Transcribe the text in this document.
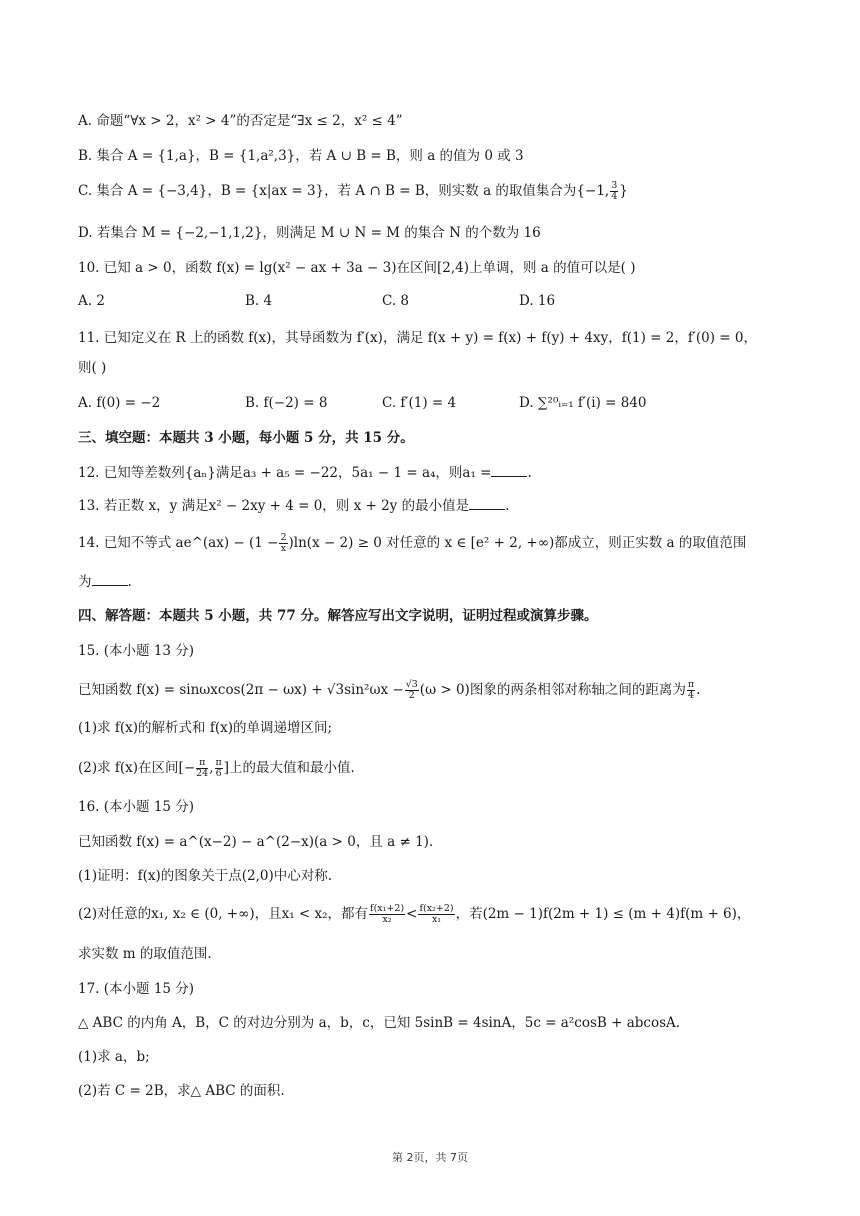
A. 命题“∀x > 2，x² > 4”的否定是“∃x ≤ 2，x² ≤ 4”
B. 集合 A = {1,a}，B = {1,a²,3}，若 A ∪ B = B，则 a 的值为 0 或 3
C. 集合 A = {−3,4}，B = {x|ax = 3}，若 A ∩ B = B，则实数 a 的取值集合为{−1, $\frac{3}{4}$ }
D. 若集合 M = {−2,−1,1,2}，则满足 M ∪ N = M 的集合 N 的个数为 16
10. 已知 a > 0，函数 f(x) = lg(x² − ax + 3a − 3)在区间[2,4)上单调，则 a 的值可以是( )
A. 2	B. 4	C. 8	D. 16
11. 已知定义在 R 上的函数 f(x)，其导函数为 f′(x)，满足 f(x + y) = f(x) + f(y) + 4xy，f(1) = 2，f′(0) = 0，
则( )
A. f(0) = −2	B. f(−2) = 8	C. f′(1) = 4	D. ∑²⁰ᵢ₌₁ f′(i) = 840
三、填空题：本题共 3 小题，每小题 5 分，共 15 分。
12. 已知等差数列{aₙ}满足a₃ + a₅ = −22，5a₁ − 1 = a₄，则a₁ =	.
13. 若正数 x，y 满足x² − 2xy + 4 = 0，则 x + 2y 的最小值是	.
14. 已知不等式 ae^(ax) − $(1 - \frac{2}{x} )\ln(x - 2) \ge 0$ 对任意的 x ∈ [e² + 2, +∞)都成立，则正实数 a 的取值范围
为	.
四、解答题：本题共 5 小题，共 77 分。解答应写出文字说明，证明过程或演算步骤。
15. (本小题 13 分)
已知函数 $f(x) = \sin\omega xcos(2\pi - \omega x) + √3\sin^2\omega x - \frac{√3}{2} (\omega > 0)$图象的两条相邻对称轴之间的距离为 $\frac{\pi}{4}$ .
(1)求 f(x)的解析式和 f(x)的单调递增区间;
(2)求 f(x)在区间[− $\frac{\pi}{24}$ , $\frac{\pi}{6}$ ]上的最大值和最小值.
16. (本小题 15 分)
已知函数 f(x) = a^(x−2) − a^(2−x)(a > 0，且 a ≠ 1).
(1)证明：f(x)的图象关于点(2,0)中心对称.
(2)对任意的x₁, x₂ ∈ (0, +∞)，且x₁ < x₂，都有 $\frac{\text{f(x₁+2)}}{\text{x₂}} < \frac{\text{f(x₂+2)}}{\text{x₁}}$ ，若(2m − 1)f(2m + 1) ≤ (m + 4)f(m + 6)，
求实数 m 的取值范围.
17. (本小题 15 分)
△ ABC 的内角 A，B，C 的对边分别为 a，b，c，已知 5sinB = 4sinA，5c = a²cosB + abcosA.
(1)求 a，b;
(2)若 C = 2B，求△ ABC 的面积.
第 2页，共 7页
